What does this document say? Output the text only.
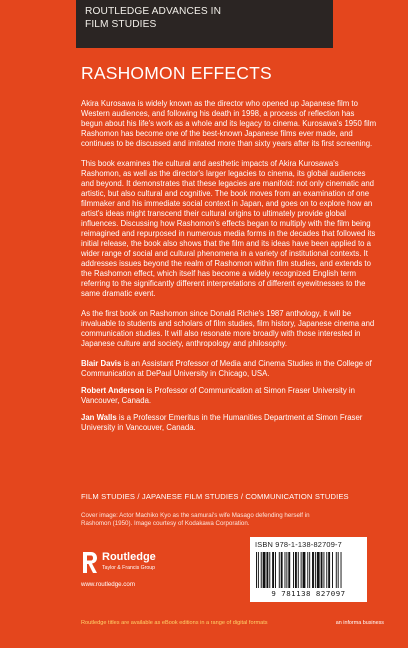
ROUTLEDGE ADVANCES IN
FILM STUDIES
RASHOMON EFFECTS

Akira Kurosawa is widely known as the director who opened up Japanese film to Western audiences, and following his death in 1998, a process of reflection has begun about his life's work as a whole and its legacy to cinema. Kurosawa's 1950 film Rashomon has become one of the best-known Japanese films ever made, and continues to be discussed and imitated more than sixty years after its first screening.

This book examines the cultural and aesthetic impacts of Akira Kurosawa's Rashomon, as well as the director's larger legacies to cinema, its global audiences and beyond. It demonstrates that these legacies are manifold: not only cinematic and artistic, but also cultural and cognitive. The book moves from an examination of one filmmaker and his immediate social context in Japan, and goes on to explore how an artist's ideas might transcend their cultural origins to ultimately provide global influences. Discussing how Rashomon's effects began to multiply with the film being reimagined and repurposed in numerous media forms in the decades that followed its initial release, the book also shows that the film and its ideas have been applied to a wider range of social and cultural phenomena in a variety of institutional contexts. It addresses issues beyond the realm of Rashomon within film studies, and extends to the Rashomon effect, which itself has become a widely recognized English term referring to the significantly different interpretations of different eyewitnesses to the same dramatic event.

As the first book on Rashomon since Donald Richie's 1987 anthology, it will be invaluable to students and scholars of film studies, film history, Japanese cinema and communication studies. It will also resonate more broadly with those interested in Japanese culture and society, anthropology and philosophy.

Blair Davis is an Assistant Professor of Media and Cinema Studies in the College of Communication at DePaul University in Chicago, USA.

Robert Anderson is Professor of Communication at Simon Fraser University in Vancouver, Canada.

Jan Walls is a Professor Emeritus in the Humanities Department at Simon Fraser University in Vancouver, Canada.

FILM STUDIES / JAPANESE FILM STUDIES / COMMUNICATION STUDIES
Cover image: Actor Machiko Kyo as the samurai's wife Masago defending herself in Rashomon (1950). Image courtesy of Kodakawa Corporation.
Routledge
Taylor & Francis Group
www.routledge.com
ISBN 978-1-138-82709-7
9 781138 827097
Routledge titles are available as eBook editions in a range of digital formats	an informa business
